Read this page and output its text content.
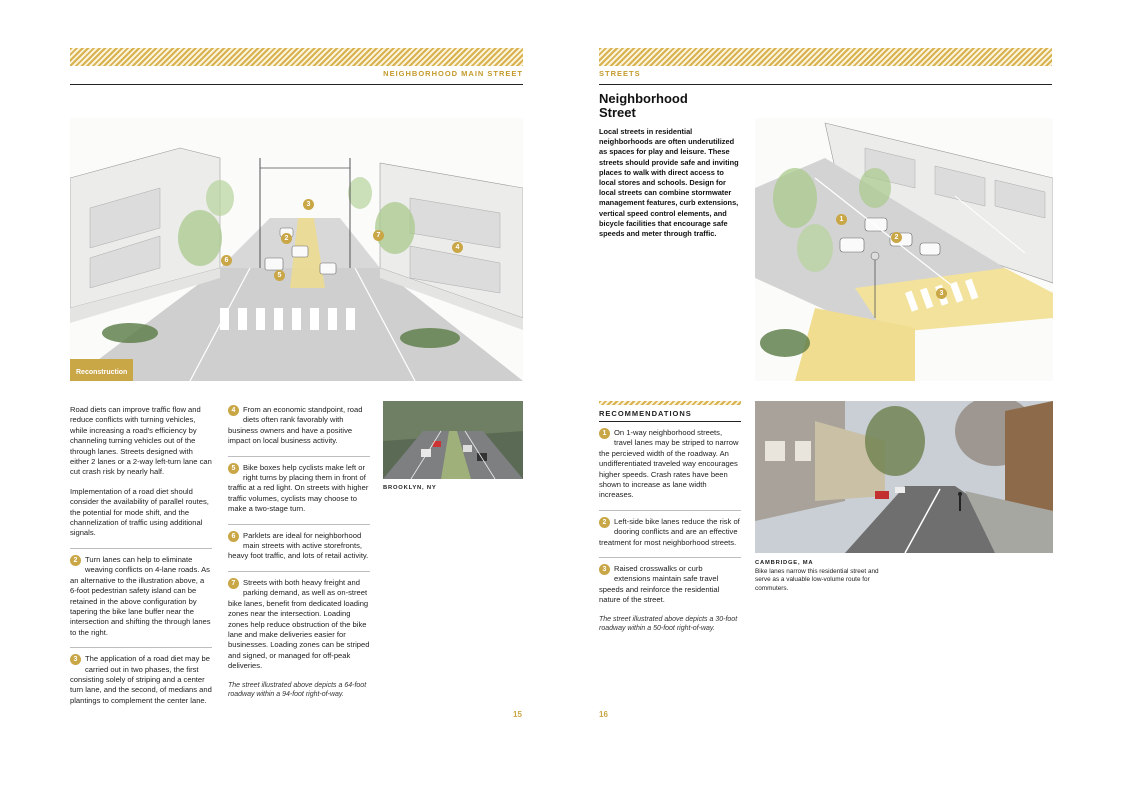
NEIGHBORHOOD MAIN STREET
3
2	7
4
6
5
Reconstruction

Road diets can improve traffic flow and reduce conflicts with turning vehicles, while increasing a road's efficiency by channeling turning vehicles out of the through lanes. Streets designed with either 2 lanes or a 2-way left-turn lane can cut crash risk by nearly half.

Implementation of a road diet should consider the availability of parallel routes, the potential for mode shift, and the channelization of traffic using additional signals.

2 Turn lanes can help to eliminate weaving conflicts on 4-lane roads. As an alternative to the illustration above, a 6-foot pedestrian safety island can be retained in the above configuration by tapering the bike lane buffer near the intersection and shifting the through lanes to the right.
3 The application of a road diet may be carried out in two phases, the first consisting solely of striping and a center turn lane, and the second, of medians and plantings to complement the center lane.
4 From an economic standpoint, road diets often rank favorably with business owners and have a positive impact on local business activity.
5 Bike boxes help cyclists make left or right turns by placing them in front of traffic at a red light. On streets with higher traffic volumes, cyclists may choose to make a two-stage turn.
6 Parklets are ideal for neighborhood main streets with active storefronts, heavy foot traffic, and lots of retail activity.
7 Streets with both heavy freight and parking demand, as well as on-street bike lanes, benefit from dedicated loading zones near the intersection. Loading zones help reduce obstruction of the bike lane and make deliveries easier for businesses. Loading zones can be striped and signed, or managed for off-peak deliveries.
The street illustrated above depicts a 64-foot roadway within a 94-foot right-of-way.
BROOKLYN, NY
15
STREETS
Neighborhood Street
Local streets in residential neighborhoods are often underutilized as spaces for play and leisure. These streets should provide safe and inviting places to walk with direct access to local stores and schools. Design for local streets can combine stormwater management features, curb extensions, vertical speed control elements, and bicycle facilities that encourage safe speeds and meter through traffic.
1
2
3
RECOMMENDATIONS
1 On 1-way neighborhood streets, travel lanes may be striped to narrow the percieved width of the roadway. An undifferentiated traveled way encourages higher speeds. Crash rates have been shown to increase as lane width increases.
2 Left-side bike lanes reduce the risk of dooring conflicts and are an effective treatment for most neighborhood streets.
3 Raised crosswalks or curb extensions maintain safe travel speeds and reinforce the residential nature of the street.
The street illustrated above depicts a 30-foot roadway within a 50-foot right-of-way.
CAMBRIDGE, MA
Bike lanes narrow this residential street and serve as a valuable low-volume route for commuters.
16
